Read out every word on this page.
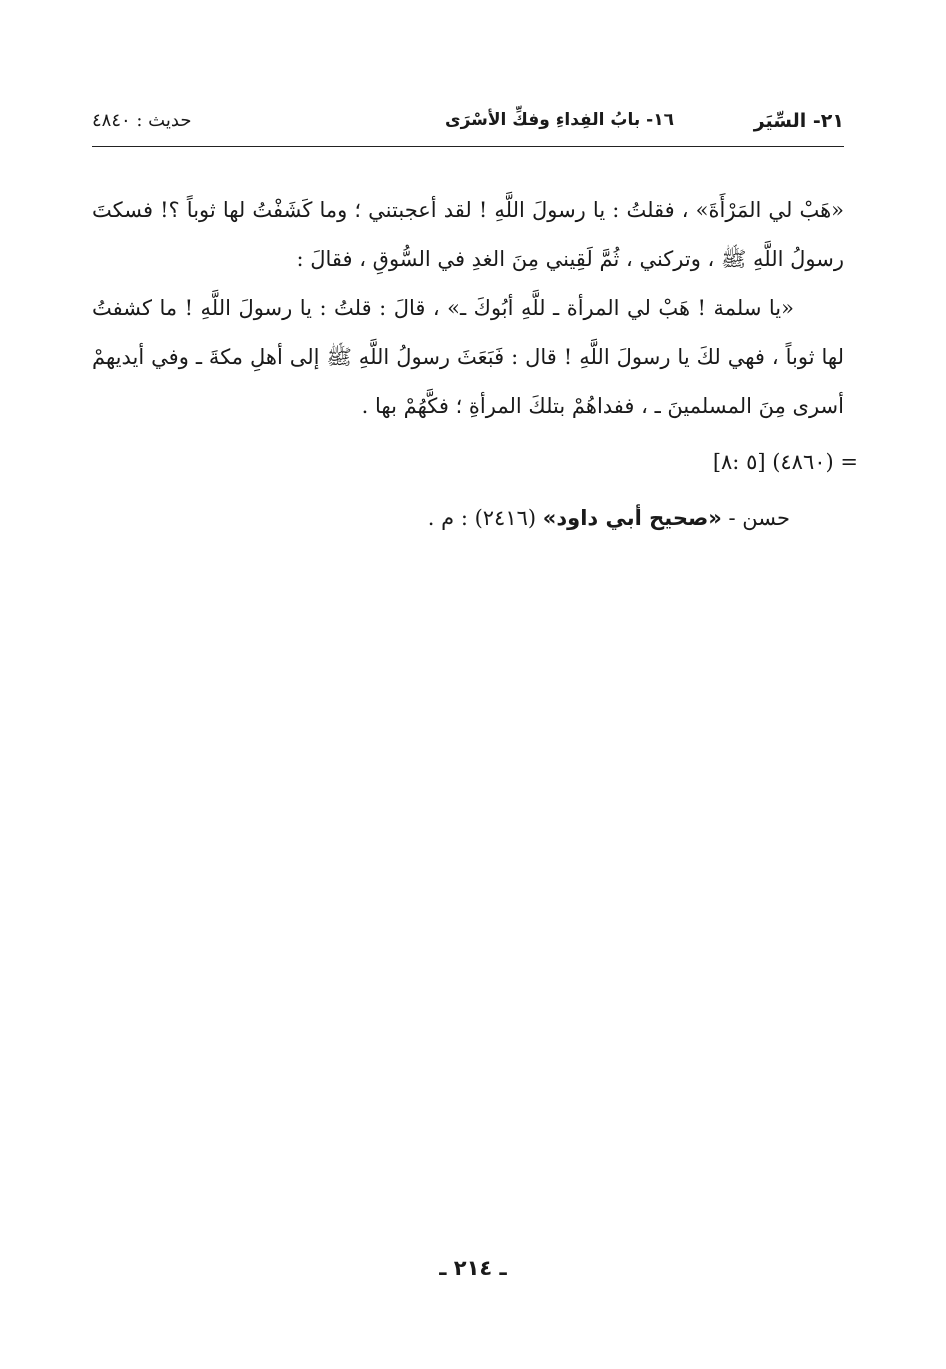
٢١- السِّيَر
١٦- بابُ الفِداءِ وفكِّ الأسْرَى
حديث : ٤٨٤٠

«هَبْ لي المَرْأَةَ» ، فقلتُ : يا رسولَ اللَّهِ ! لقد أعجبتني ؛ وما كَشَفْتُ لها ثوباً ؟! فسكتَ رسولُ اللَّهِ ﷺ ، وتركني ، ثُمَّ لَقِيني مِنَ الغدِ في السُّوقِ ، فقالَ :

«يا سلمة ! هَبْ لي المرأة ـ للَّهِ أبُوكَ ـ» ، قالَ : قلتُ : يا رسولَ اللَّهِ ! ما كشفتُ لها ثوباً ، فهي لكَ يا رسولَ اللَّهِ ! قال : فَبَعَثَ رسولُ اللَّهِ ﷺ إلى أهلِ مكةَ ـ وفي أيديهمْ أسرى مِنَ المسلمينَ ـ ، ففداهُمْ بتلكَ المرأةِ ؛ فكَّهُمْ بها .

= (٤٨٦٠) [٥ :٨]
حسن - «صحيح أبي داود» (٢٤١٦) : م .
ـ ٢١٤ ـ
